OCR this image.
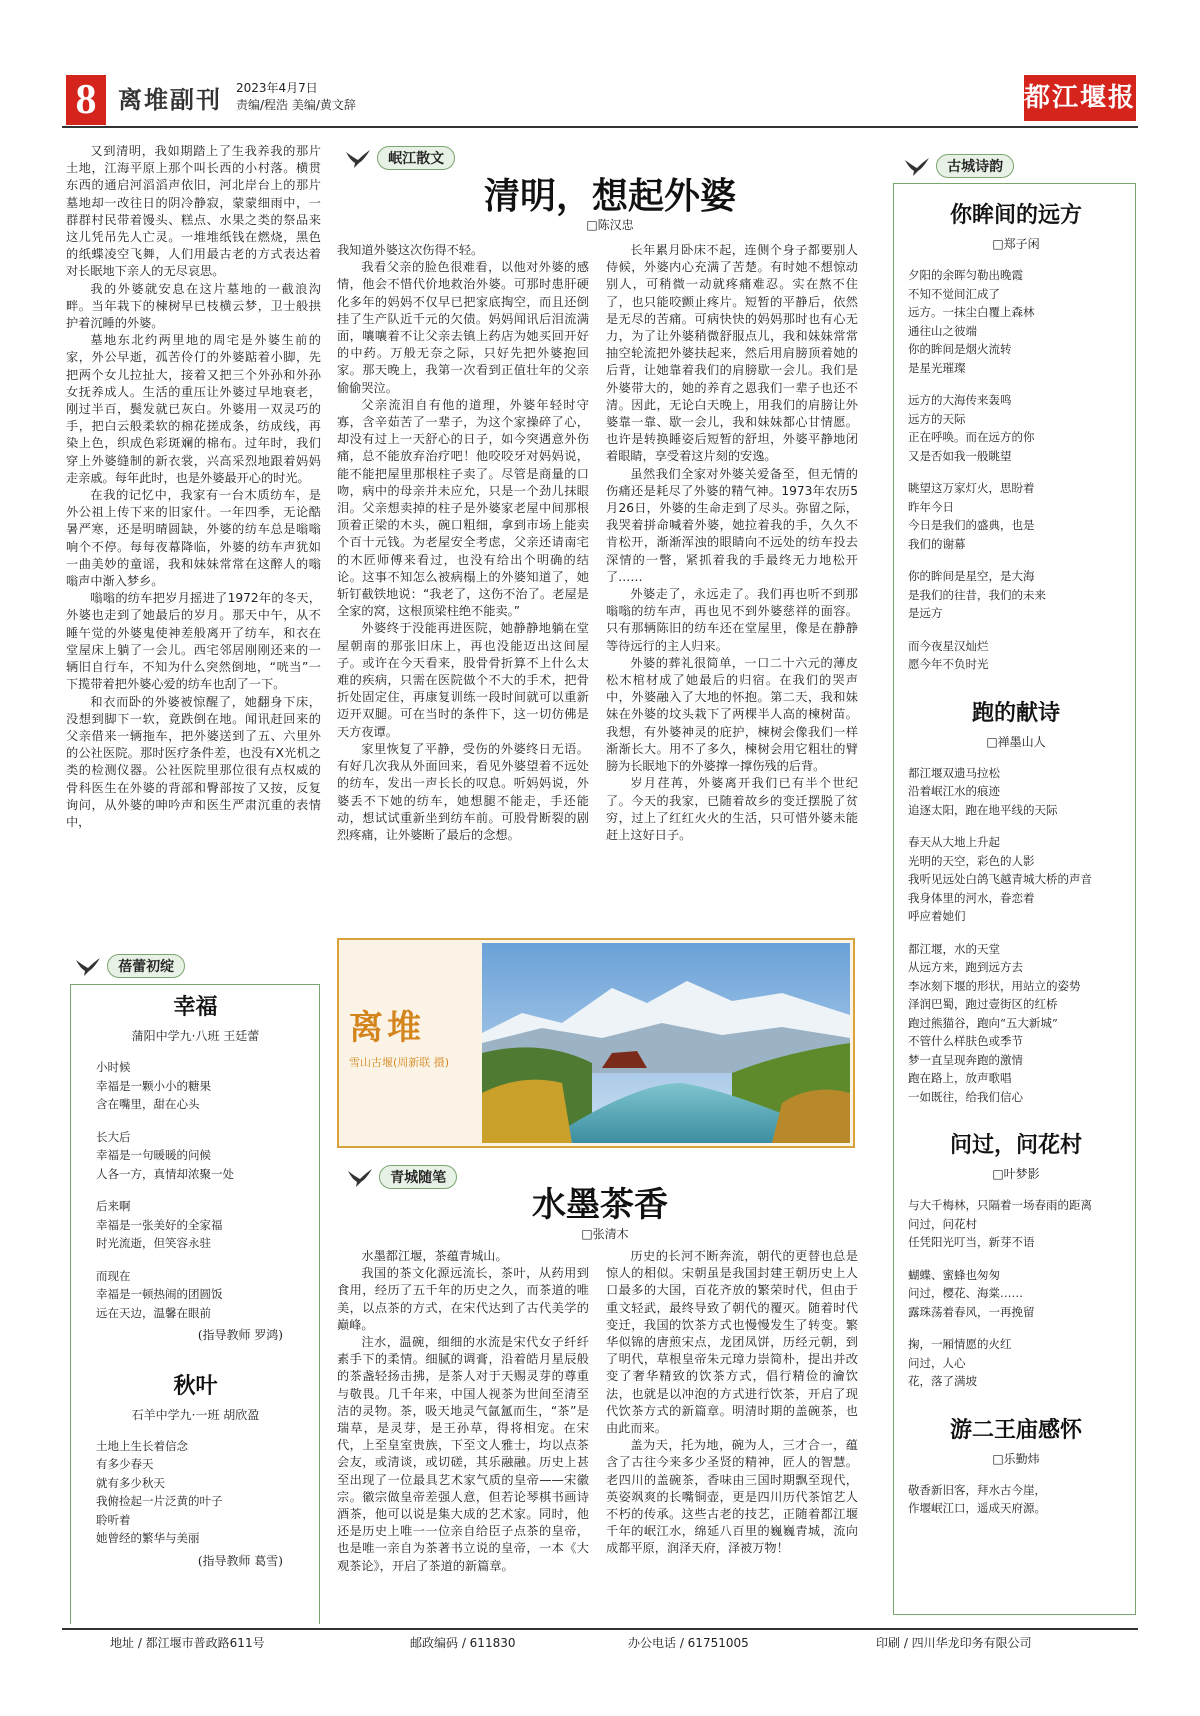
8 离堆副刊 2023年4月7日
责编/程浩 美编/黄文辞	都江堰报

又到清明，我如期踏上了生我养我的那片土地，江海平原上那个叫长西的小村落。横贯东西的通启河滔滔声依旧，河北岸台上的那片墓地却一改往日的阴冷静寂，蒙蒙细雨中，一群群村民带着馒头、糕点、水果之类的祭品来这儿凭吊先人亡灵。一堆堆纸钱在燃烧，黑色的纸蝶凌空飞舞，人们用最古老的方式表达着对长眠地下亲人的无尽哀思。

我的外婆就安息在这片墓地的一截浪沟畔。当年栽下的楝树早已枝横云梦，卫士般拱护着沉睡的外婆。

墓地东北约两里地的周宅是外婆生前的家，外公早逝，孤苦伶仃的外婆踮着小脚，先把两个女儿拉扯大，接着又把三个外孙和外孙女抚养成人。生活的重压让外婆过早地衰老，刚过半百，鬓发就已灰白。外婆用一双灵巧的手，把白云般柔软的棉花搓成条，纺成线，再染上色，织成色彩斑斓的棉布。过年时，我们穿上外婆缝制的新衣裳，兴高采烈地跟着妈妈走亲戚。每年此时，也是外婆最开心的时光。

在我的记忆中，我家有一台木质纺车，是外公祖上传下来的旧家什。一年四季，无论酷暑严寒，还是明晴圆缺，外婆的纺车总是嗡嗡响个不停。每每夜幕降临，外婆的纺车声犹如一曲美妙的童谣，我和妹妹常常在这醉人的嗡嗡声中渐入梦乡。

嗡嗡的纺车把岁月摇进了1972年的冬天，外婆也走到了她最后的岁月。那天中午，从不睡午觉的外婆鬼使神差般离开了纺车，和衣在堂屋床上躺了一会儿。西宅邻居刚刚还来的一辆旧自行车，不知为什么突然倒地，“咣当”一下揽带着把外婆心爱的纺车也刮了一下。

和衣而卧的外婆被惊醒了，她翻身下床，没想到脚下一软，竟跌倒在地。闻讯赶回来的父亲借来一辆拖车，把外婆送到了五、六里外的公社医院。那时医疗条件差，也没有X光机之类的检测仪器。公社医院里那位很有点权威的骨科医生在外婆的背部和臀部按了又按，反复询问，从外婆的呻吟声和医生严肃沉重的表情中，

岷江散文
清明，想起外婆
□陈汉忠

我知道外婆这次伤得不轻。

我看父亲的脸色很难看，以他对外婆的感情，他会不惜代价地救治外婆。可那时患肝硬化多年的妈妈不仅早已把家底掏空，而且还倒挂了生产队近千元的欠债。妈妈闻讯后泪流满面，嚷嚷着不让父亲去镇上药店为她买回开好的中药。万般无奈之际，只好先把外婆抱回家。那天晚上，我第一次看到正值壮年的父亲偷偷哭泣。

父亲流泪自有他的道理，外婆年轻时守寡，含辛茹苦了一辈子，为这个家操碎了心，却没有过上一天舒心的日子，如今突遇意外伤痛，总不能放弃治疗吧！他咬咬牙对妈妈说，能不能把屋里那根柱子卖了。尽管是商量的口吻，病中的母亲并未应允，只是一个劲儿抹眼泪。父亲想卖掉的柱子是外婆家老屋中间那根顶着正梁的木头，碗口粗细，拿到市场上能卖个百十元钱。为老屋安全考虑，父亲还请南宅的木匠师傅来看过，也没有给出个明确的结论。这事不知怎么被病榻上的外婆知道了，她斩钉截铁地说：“我老了，这伤不治了。老屋是全家的窝，这根顶梁柱绝不能卖。”

外婆终于没能再进医院，她静静地躺在堂屋朝南的那张旧床上，再也没能迈出这间屋子。或许在今天看来，股骨骨折算不上什么太难的疾病，只需在医院做个不大的手术，把骨折处固定住，再康复训练一段时间就可以重新迈开双腿。可在当时的条件下，这一切仿佛是天方夜谭。

家里恢复了平静，受伤的外婆终日无语。有好几次我从外面回来，看见外婆望着不远处的纺车，发出一声长长的叹息。听妈妈说，外婆丢不下她的纺车，她想腿不能走，手还能动，想试试重新坐到纺车前。可股骨断裂的剧烈疼痛，让外婆断了最后的念想。

长年累月卧床不起，连侧个身子都要别人侍候，外婆内心充满了苦楚。有时她不想惊动别人，可稍微一动就疼痛难忍。实在熬不住了，也只能咬颤止疼片。短暂的平静后，依然是无尽的苦痛。可病快快的妈妈那时也有心无力，为了让外婆稍微舒服点儿，我和妹妹常常抽空轮流把外婆扶起来，然后用肩膀顶着她的后背，让她靠着我们的肩膀歇一会儿。我们是外婆带大的，她的养育之恩我们一辈子也还不清。因此，无论白天晚上，用我们的肩膀让外婆靠一靠、歇一会儿，我和妹妹都心甘情愿。也许是转换睡姿后短暂的舒坦，外婆平静地闭着眼睛，享受着这片刻的安逸。

虽然我们全家对外婆关爱备至，但无情的伤痛还是耗尽了外婆的精气神。1973年农历5月26日，外婆的生命走到了尽头。弥留之际，我哭着拼命喊着外婆，她拉着我的手，久久不肯松开，渐渐浑浊的眼睛向不远处的纺车投去深情的一瞥，紧抓着我的手最终无力地松开了……

外婆走了，永远走了。我们再也听不到那嗡嗡的纺车声，再也见不到外婆慈祥的面容。只有那辆陈旧的纺车还在堂屋里，像是在静静等待远行的主人归来。

外婆的葬礼很简单，一口二十六元的薄皮松木棺材成了她最后的归宿。在我们的哭声中，外婆融入了大地的怀抱。第二天，我和妹妹在外婆的坟头栽下了两棵半人高的楝树苗。我想，有外婆神灵的庇护，楝树会像我们一样渐渐长大。用不了多久，楝树会用它粗壮的臂膀为长眠地下的外婆撑一撑伤残的后背。

岁月荏苒，外婆离开我们已有半个世纪了。今天的我家，已随着故乡的变迁摆脱了贫穷，过上了红红火火的生活，只可惜外婆未能赶上这好日子。

离堆
雪山古堰(周新联 摄)
青城随笔
水墨茶香
□张清木

水墨都江堰，茶蕴青城山。

我国的茶文化源远流长，茶叶，从药用到食用，经历了五千年的历史之久，而茶道的唯美，以点茶的方式，在宋代达到了古代美学的巅峰。

注水，温碗，细细的水流是宋代女子纤纤素手下的柔情。细腻的调膏，沿着皓月星辰般的茶盏轻扬击拂，是茶人对于天赐灵芽的尊重与敬畏。几千年来，中国人视茶为世间至清至洁的灵物。茶，吸天地灵气氤氲而生，“茶”是瑞草，是灵芽，是王孙草，得将相宠。在宋代，上至皇室贵族，下至文人雅士，均以点茶会友，或清谈，或切磋，其乐融融。历史上甚至出现了一位最具艺术家气质的皇帝——宋徽宗。徽宗做皇帝差强人意，但若论琴棋书画诗酒茶，他可以说是集大成的艺术家。同时，他还是历史上唯一一位亲自给臣子点茶的皇帝，也是唯一亲自为茶著书立说的皇帝，一本《大观茶论》，开启了茶道的新篇章。

历史的长河不断奔流，朝代的更替也总是惊人的相似。宋朝虽是我国封建王朝历史上人口最多的大国，百花齐放的繁荣时代，但由于重文轻武，最终导致了朝代的覆灭。随着时代变迁，我国的饮茶方式也慢慢发生了转变。繁华似锦的唐煎宋点，龙团凤饼，历经元朝，到了明代，草根皇帝朱元璋力崇简朴，提出并改变了奢华精致的饮茶方式，倡行精俭的瀹饮法，也就是以冲泡的方式进行饮茶，开启了现代饮茶方式的新篇章。明清时期的盖碗茶，也由此而来。

盖为天，托为地，碗为人，三才合一，蕴含了古往今来多少圣贤的精神，匠人的智慧。老四川的盖碗茶，香味由三国时期飘至现代，英姿飒爽的长嘴铜壶，更是四川历代茶馆艺人不朽的传承。这些古老的技艺，正随着都江堰千年的岷江水，绵延八百里的巍巍青城，流向成都平原，润泽天府，泽被万物！

蓓蕾初绽
幸福
蒲阳中学九·八班 王廷蕾
小时候
幸福是一颗小小的糖果
含在嘴里，甜在心头
长大后
幸福是一句暖暖的问候
人各一方，真情却浓聚一处
后来啊
幸福是一张美好的全家福
时光流逝，但笑容永驻
而现在
幸福是一顿热闹的团圆饭
远在天边，温馨在眼前
(指导教师 罗鸿)
秋叶
石羊中学九·一班 胡欣盈
土地上生长着信念
有多少春天
就有多少秋天
我俯捡起一片泛黄的叶子
聆听着
她曾经的繁华与美丽
(指导教师 葛雪)
古城诗韵
你眸间的远方
□郑子闲
夕阳的余晖匀勒出晚霞
不知不觉间汇成了
远方。一抹尘白覆上森林
通往山之彼端
你的眸间是烟火流转
是星光璀璨
远方的大海传来轰鸣
远方的天际
正在呼唤。而在远方的你
又是否如我一般眺望
眺望这万家灯火，思盼着
昨年今日
今日是我们的盛典，也是
我们的谢幕
你的眸间是星空，是大海
是我们的往昔，我们的未来
是远方
而今夜星汉灿烂
愿今年不负时光
跑的献诗
□禅墨山人
都江堰双遗马拉松
沿着岷江水的痕迹
追逐太阳，跑在地平线的天际
春天从大地上升起
光明的天空，彩色的人影
我听见远处白鸽飞越青城大桥的声音
我身体里的河水，眷恋着
呼应着她们
都江堰，水的天堂
从远方来，跑到远方去
李冰刻下堰的形状，用站立的姿势
泽润巴蜀，跑过壹街区的红桥
跑过熊猫谷，跑向“五大新城”
不管什么样肤色或季节
梦一直呈现奔跑的激情
跑在路上，放声歌唱
一如既往，给我们信心
问过，问花村
□叶梦影
与大千梅林，只隔着一场春雨的距离
问过，问花村
任凭阳光叮当，新芽不语
蝴蝶、蜜蜂也匆匆
问过，樱花、海棠……
露珠荡着春风，一再挽留
掬，一厢情愿的火红
问过，人心
花，落了满坡
游二王庙感怀
□乐勤炜
敬香新旧客，拜水古今崖，
作堰岷江口，遥成天府源。
地址 / 都江堰市普政路611号	邮政编码 / 611830	办公电话 / 61751005	印刷 / 四川华龙印务有限公司
